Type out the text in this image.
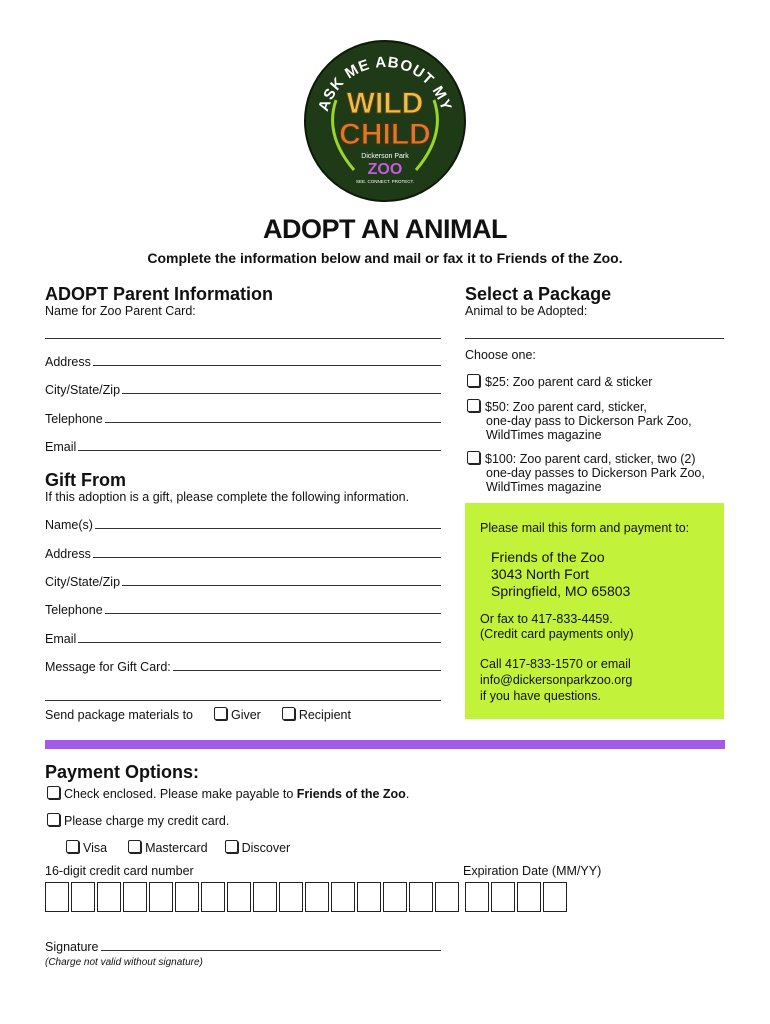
ASK ME ABOUT MY
WILD
CHILD
Dickerson Park
ZOO
SEE. CONNECT. PROTECT.
ADOPT AN ANIMAL
Complete the information below and mail or fax it to Friends of the Zoo.
ADOPT Parent Information
Name for Zoo Parent Card:
Address
City/State/Zip
Telephone
Email
Select a Package
Animal to be Adopted:
Choose one:
$25: Zoo parent card & sticker
$50: Zoo parent card, sticker,
one-day pass to Dickerson Park Zoo,
WildTimes magazine
$100: Zoo parent card, sticker, two (2)
one-day passes to Dickerson Park Zoo,
WildTimes magazine
Gift From
If this adoption is a gift, please complete the following information.
Name(s)
Address
City/State/Zip
Telephone
Email
Message for Gift Card:
Send package materials to	Giver	Recipient
Please mail this form and payment to:
Friends of the Zoo
3043 North Fort
Springfield, MO 65803
Or fax to 417-833-4459.
(Credit card payments only)
Call 417-833-1570 or email
info@dickersonparkzoo.org
if you have questions.
Payment Options:
Check enclosed. Please make payable to Friends of the Zoo.
Please charge my credit card.
Visa	Mastercard	Discover
16-digit credit card number	Expiration Date (MM/YY)
Signature
(Charge not valid without signature)
